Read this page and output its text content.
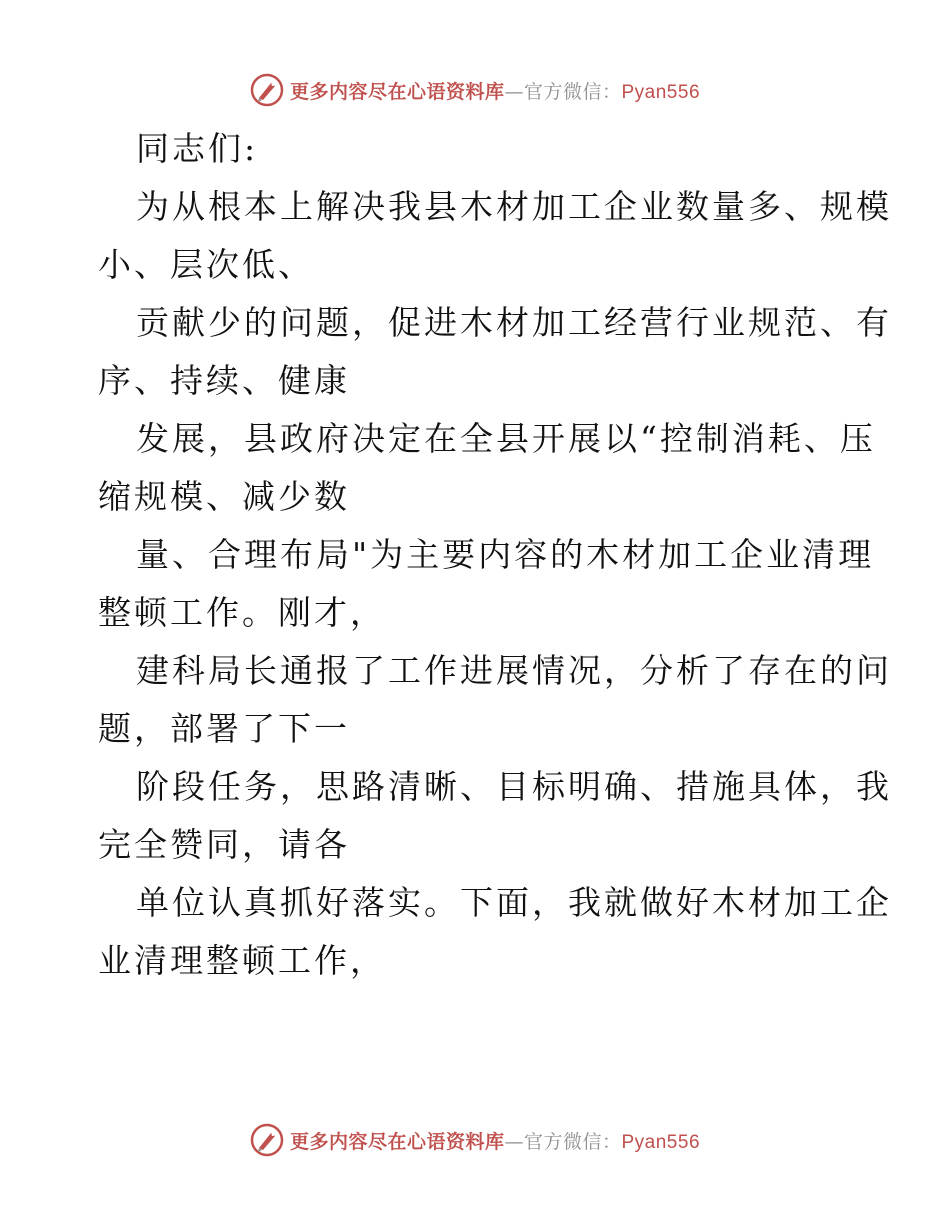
更多内容尽在心语资料库—官方微信：Pyan556
同志们:
为从根本上解决我县木材加工企业数量多、规模
小、层次低、
贡献少的问题，促进木材加工经营行业规范、有
序、持续、健康
发展，县政府决定在全县开展以“控制消耗、压
缩规模、减少数
量、合理布局"为主要内容的木材加工企业清理
整顿工作。刚才，
建科局长通报了工作进展情况，分析了存在的问
题，部署了下一
阶段任务，思路清晰、目标明确、措施具体，我
完全赞同，请各
单位认真抓好落实。下面，我就做好木材加工企
业清理整顿工作，
更多内容尽在心语资料库—官方微信：Pyan556
